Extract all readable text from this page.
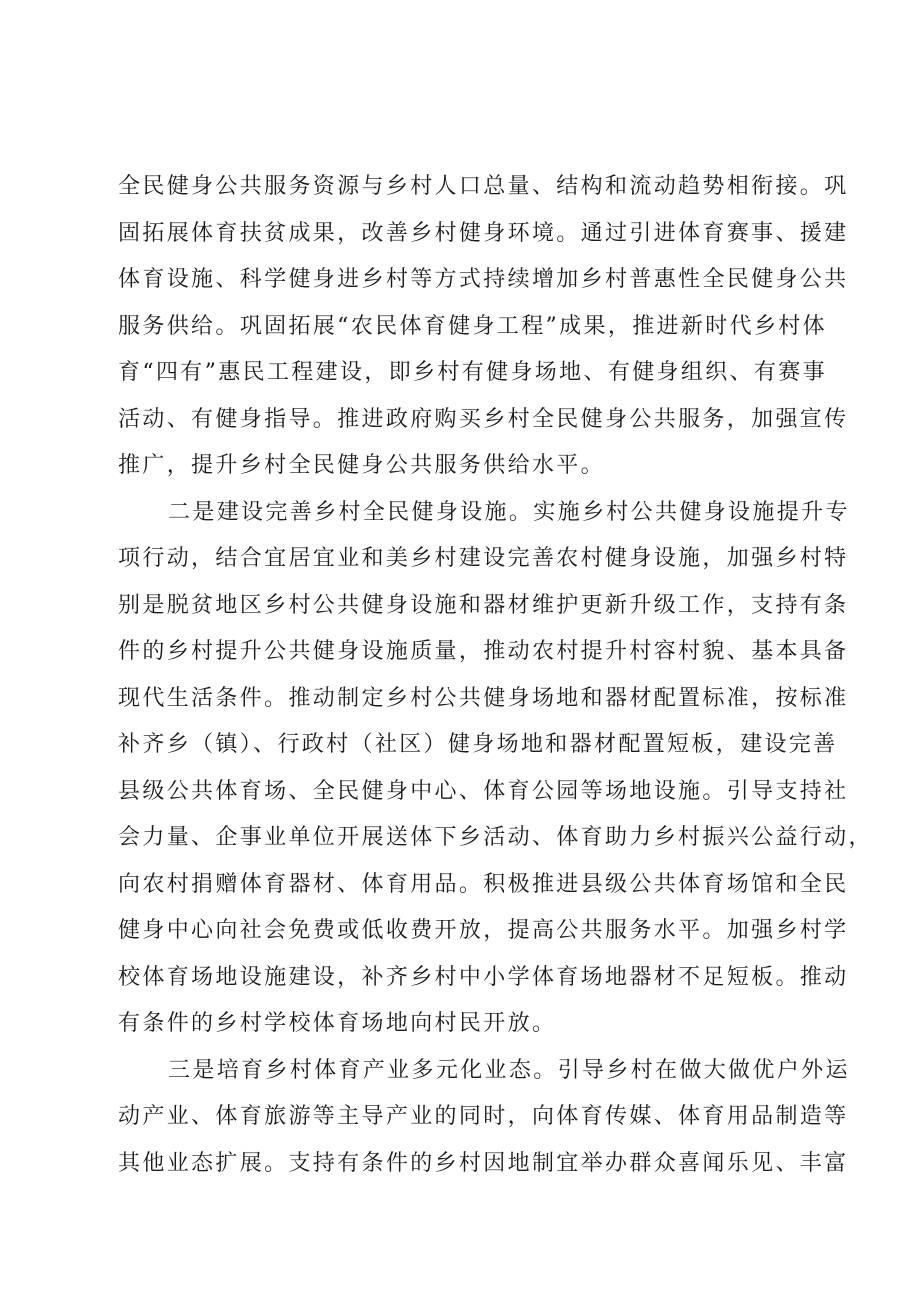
全民健身公共服务资源与乡村人口总量、结构和流动趋势相衔接。巩
固拓展体育扶贫成果，改善乡村健身环境。通过引进体育赛事、援建
体育设施、科学健身进乡村等方式持续增加乡村普惠性全民健身公共
服务供给。巩固拓展“农民体育健身工程”成果，推进新时代乡村体
育“四有”惠民工程建设，即乡村有健身场地、有健身组织、有赛事
活动、有健身指导。推进政府购买乡村全民健身公共服务，加强宣传
推广，提升乡村全民健身公共服务供给水平。
二是建设完善乡村全民健身设施。实施乡村公共健身设施提升专
项行动，结合宜居宜业和美乡村建设完善农村健身设施，加强乡村特
别是脱贫地区乡村公共健身设施和器材维护更新升级工作，支持有条
件的乡村提升公共健身设施质量，推动农村提升村容村貌、基本具备
现代生活条件。推动制定乡村公共健身场地和器材配置标准，按标准
补齐乡（镇）、行政村（社区）健身场地和器材配置短板，建设完善
县级公共体育场、全民健身中心、体育公园等场地设施。引导支持社
会力量、企事业单位开展送体下乡活动、体育助力乡村振兴公益行动，
向农村捐赠体育器材、体育用品。积极推进县级公共体育场馆和全民
健身中心向社会免费或低收费开放，提高公共服务水平。加强乡村学
校体育场地设施建设，补齐乡村中小学体育场地器材不足短板。推动
有条件的乡村学校体育场地向村民开放。
三是培育乡村体育产业多元化业态。引导乡村在做大做优户外运
动产业、体育旅游等主导产业的同时，向体育传媒、体育用品制造等
其他业态扩展。支持有条件的乡村因地制宜举办群众喜闻乐见、丰富
